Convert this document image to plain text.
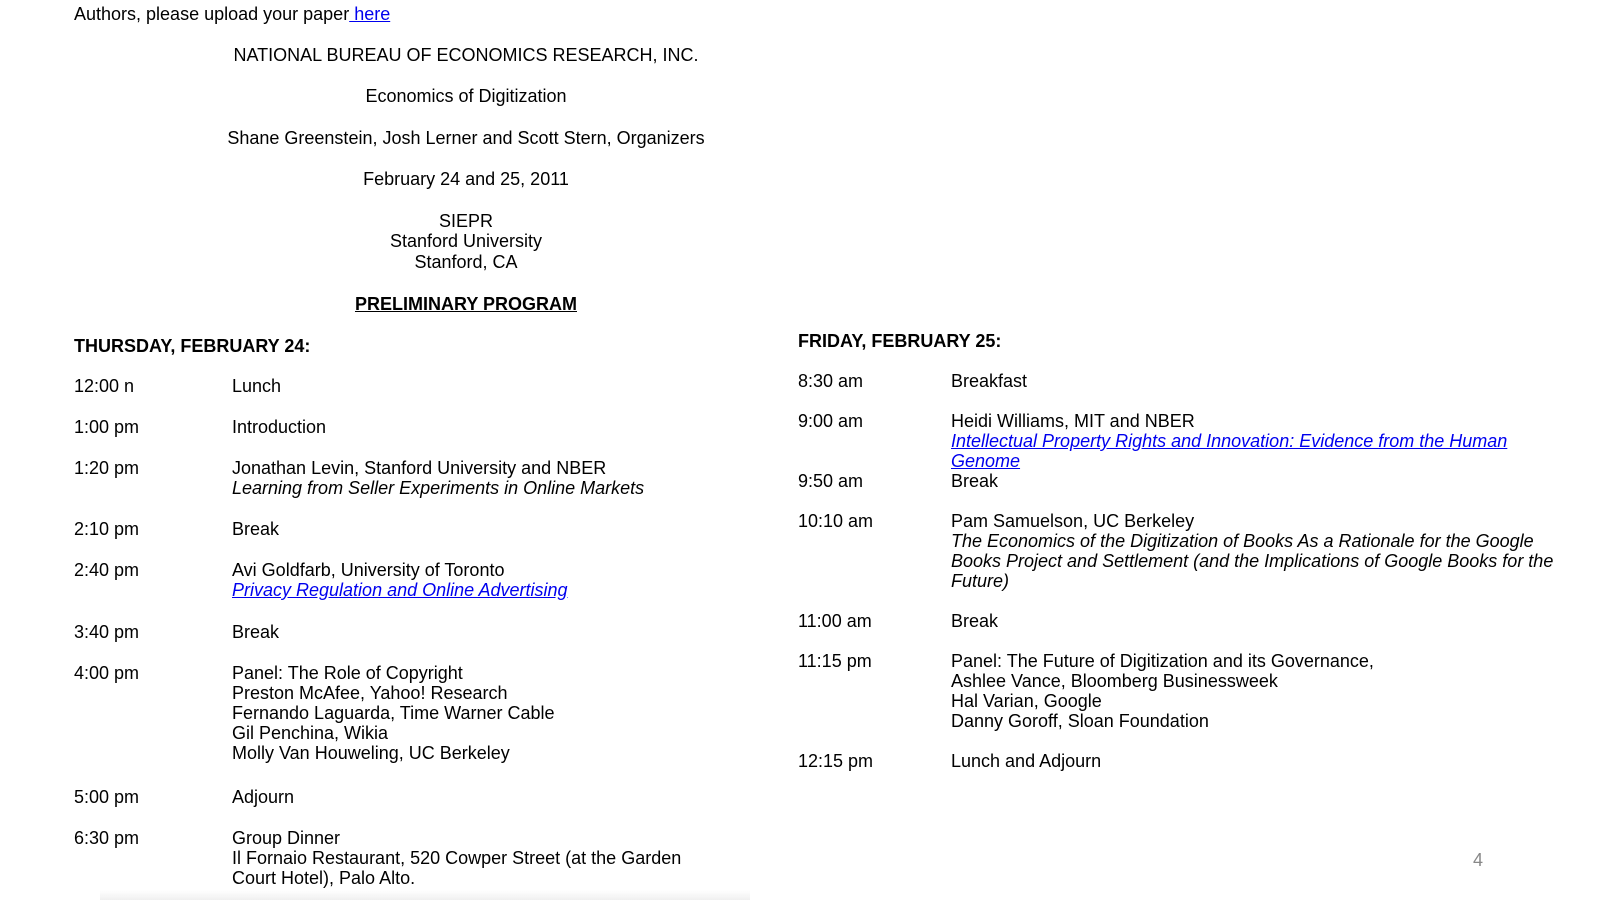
Authors, please upload your paper here
NATIONAL BUREAU OF ECONOMICS RESEARCH, INC.
Economics of Digitization
Shane Greenstein, Josh Lerner and Scott Stern, Organizers
February 24 and 25, 2011
SIEPR
Stanford University
Stanford, CA
PRELIMINARY PROGRAM
THURSDAY, FEBRUARY 24:
12:00 n	Lunch
1:00 pm	Introduction
1:20 pm	Jonathan Levin, Stanford University and NBER
Learning from Seller Experiments in Online Markets
2:10 pm	Break
2:40 pm	Avi Goldfarb, University of Toronto
Privacy Regulation and Online Advertising
3:40 pm	Break
4:00 pm	Panel: The Role of Copyright
Preston McAfee, Yahoo! Research
Fernando Laguarda, Time Warner Cable
Gil Penchina, Wikia
Molly Van Houweling, UC Berkeley
5:00 pm	Adjourn
6:30 pm	Group Dinner
Il Fornaio Restaurant, 520 Cowper Street (at the Garden
Court Hotel), Palo Alto.
FRIDAY, FEBRUARY 25:
8:30 am	Breakfast
9:00 am	Heidi Williams, MIT and NBER
Intellectual Property Rights and Innovation: Evidence from the Human Genome
9:50 am	Break
10:10 am	Pam Samuelson, UC Berkeley
The Economics of the Digitization of Books As a Rationale for the Google Books Project and Settlement (and the Implications of Google Books for the Future)
11:00 am	Break
11:15 pm	Panel: The Future of Digitization and its Governance,
Ashlee Vance, Bloomberg Businessweek
Hal Varian, Google
Danny Goroff, Sloan Foundation
12:15 pm	Lunch and Adjourn
4
